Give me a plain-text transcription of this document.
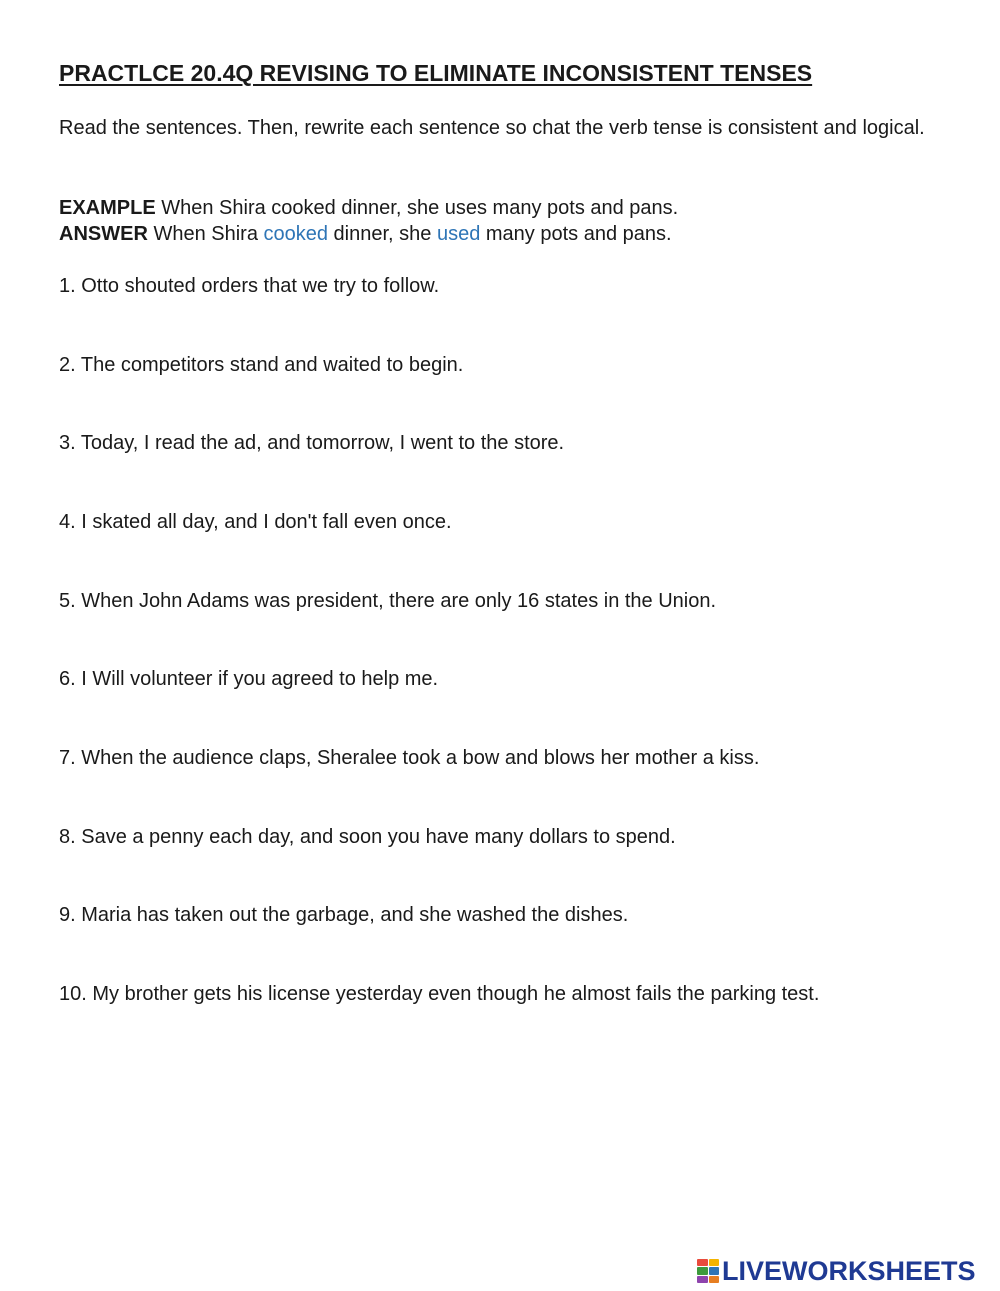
PRACTLCE 20.4Q REVISING TO ELIMINATE INCONSISTENT TENSES

Read the sentences. Then, rewrite each sentence so chat the verb tense is consistent and logical.

EXAMPLE When Shira cooked dinner, she uses many pots and pans.
ANSWER When Shira cooked dinner, she used many pots and pans.
1. Otto shouted orders that we try to follow.
2. The competitors stand and waited to begin.
3. Today, I read the ad, and tomorrow, I went to the store.
4. I skated all day, and I don't fall even once.
5. When John Adams was president, there are only 16 states in the Union.
6. I Will volunteer if you agreed to help me.
7. When the audience claps, Sheralee took a bow and blows her mother a kiss.
8. Save a penny each day, and soon you have many dollars to spend.
9. Maria has taken out the garbage, and she washed the dishes.
10. My brother gets his license yesterday even though he almost fails the parking test.
LIVEWORKSHEETS
